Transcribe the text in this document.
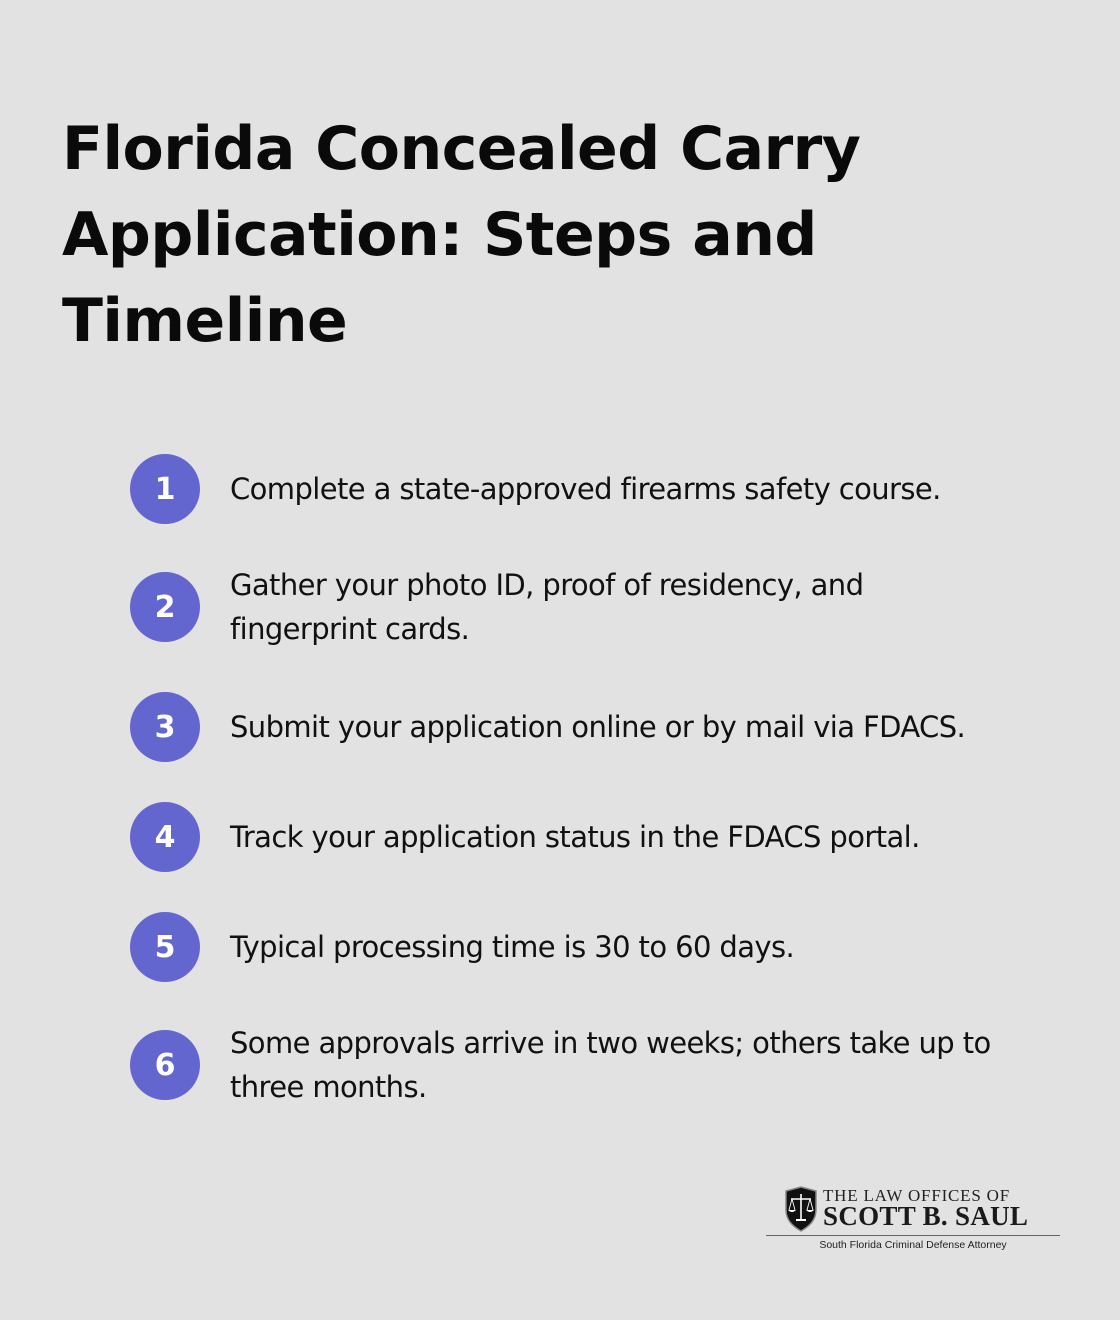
Florida Concealed Carry Application: Steps and Timeline
1	Complete a state-approved firearms safety course.
2
Gather your photo ID, proof of residency, and fingerprint cards.
3	Submit your application online or by mail via FDACS.
4	Track your application status in the FDACS portal.
5	Typical processing time is 30 to 60 days.
6
Some approvals arrive in two weeks; others take up to three months.
THE LAW OFFICES OF
SCOTT B. SAUL
South Florida Criminal Defense Attorney
